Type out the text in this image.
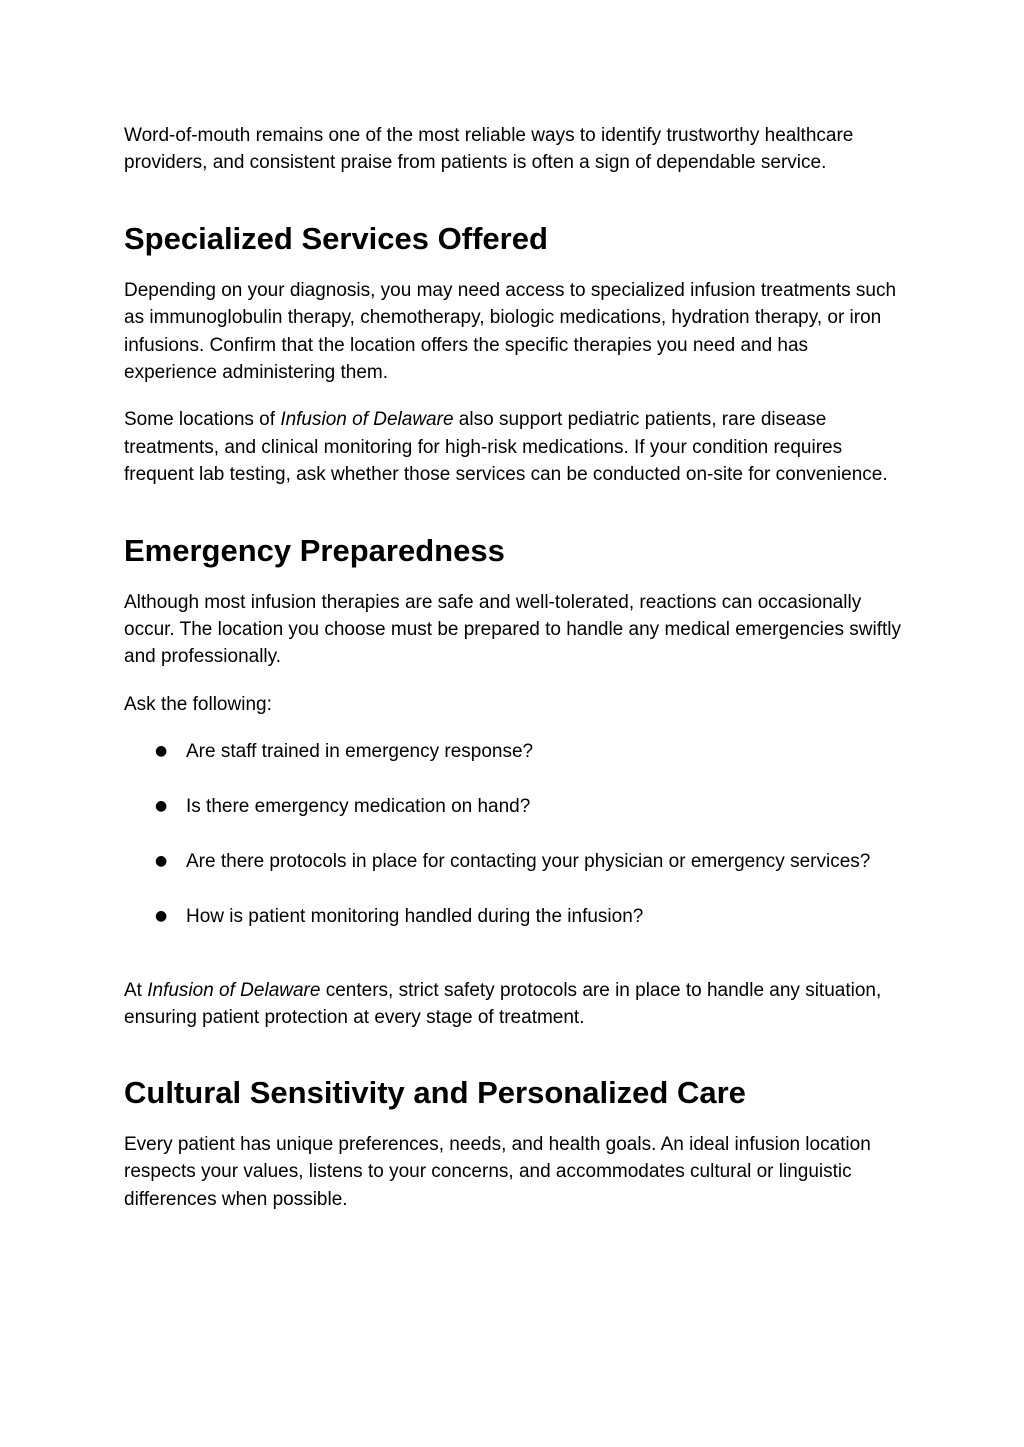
Word-of-mouth remains one of the most reliable ways to identify trustworthy healthcare providers, and consistent praise from patients is often a sign of dependable service.

Specialized Services Offered

Depending on your diagnosis, you may need access to specialized infusion treatments such as immunoglobulin therapy, chemotherapy, biologic medications, hydration therapy, or iron infusions. Confirm that the location offers the specific therapies you need and has experience administering them.

Some locations of Infusion of Delaware also support pediatric patients, rare disease treatments, and clinical monitoring for high-risk medications. If your condition requires frequent lab testing, ask whether those services can be conducted on-site for convenience.

Emergency Preparedness

Although most infusion therapies are safe and well-tolerated, reactions can occasionally occur. The location you choose must be prepared to handle any medical emergencies swiftly and professionally.

Ask the following:

● Are staff trained in emergency response?
● Is there emergency medication on hand?
● Are there protocols in place for contacting your physician or emergency services?
● How is patient monitoring handled during the infusion?

At Infusion of Delaware centers, strict safety protocols are in place to handle any situation, ensuring patient protection at every stage of treatment.

Cultural Sensitivity and Personalized Care

Every patient has unique preferences, needs, and health goals. An ideal infusion location respects your values, listens to your concerns, and accommodates cultural or linguistic differences when possible.
